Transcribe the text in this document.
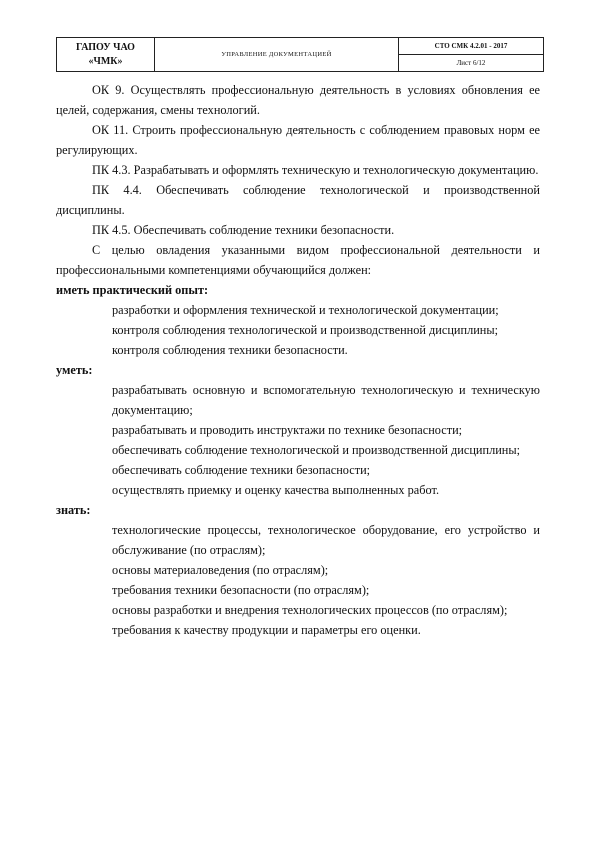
ГАПОУ ЧАО
«ЧМК»
	УПРАВЛЕНИЕ ДОКУМЕНТАЦИЕЙ	СТО СМК 4.2.01 - 2017
Лист 6/12

ОК 9. Осуществлять профессиональную деятельность в условиях обновления ее целей, содержания, смены технологий.

ОК 11. Строить профессиональную деятельность с соблюдением правовых норм ее регулирующих.

ПК 4.3. Разрабатывать и оформлять техническую и технологическую документацию.

ПК 4.4. Обеспечивать соблюдение технологической и производственной дисциплины.

ПК 4.5. Обеспечивать соблюдение техники безопасности.

С целью овладения указанными видом профессиональной деятельности и профессиональными компетенциями обучающийся должен:

иметь практический опыт:

разработки и оформления технической и технологической документации;

контроля соблюдения технологической и производственной дисциплины;

контроля соблюдения техники безопасности.

уметь:

разрабатывать основную и вспомогательную технологическую и техническую документацию;

разрабатывать и проводить инструктажи по технике безопасности;

обеспечивать соблюдение технологической и производственной дисциплины;

обеспечивать соблюдение техники безопасности;

осуществлять приемку и оценку качества выполненных работ.

знать:

технологические процессы, технологическое оборудование, его устройство и обслуживание (по отраслям);

основы материаловедения (по отраслям);

требования техники безопасности (по отраслям);

основы разработки и внедрения технологических процессов (по отраслям);

требования к качеству продукции и параметры его оценки.
